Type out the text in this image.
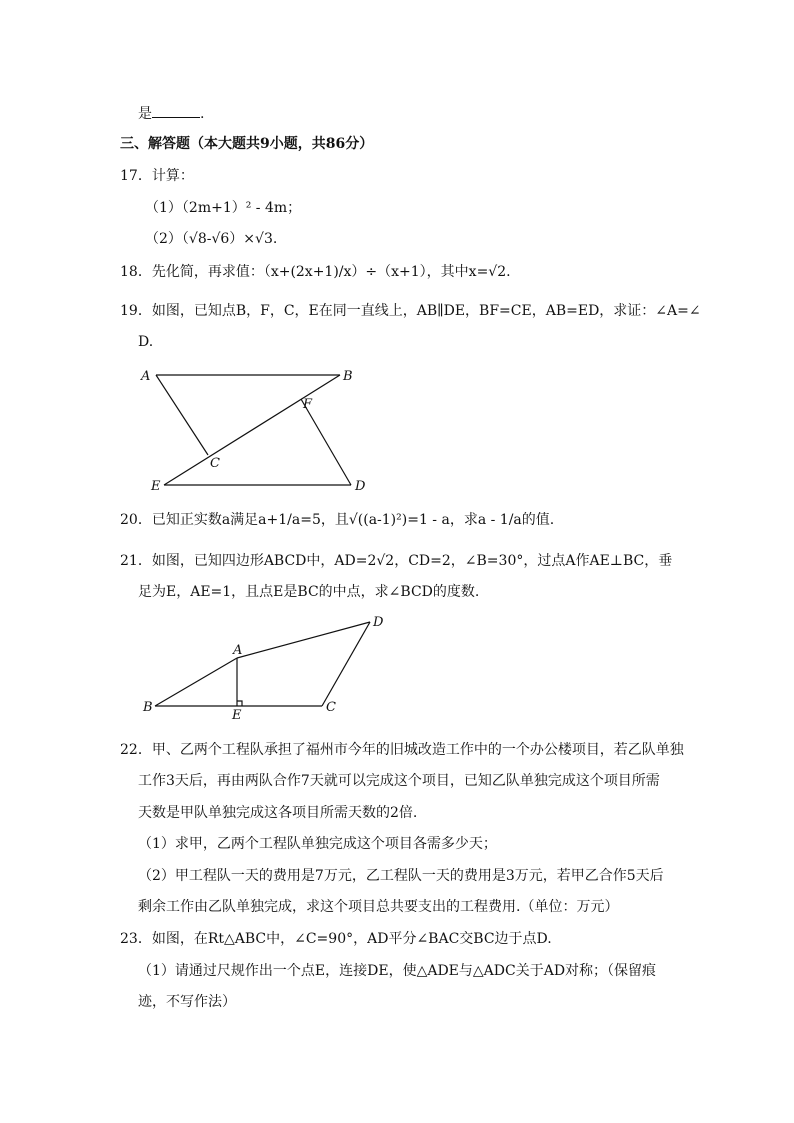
是	.
三、解答题（本大题共9小题，共86分）
17．计算：
（1）（2m+1）² - 4m；
（2）（√8-√6）×√3.
18．先化简，再求值：（x+(2x+1)/x）÷（x+1），其中x=√2.
19．如图，已知点B，F，C，E在同一直线上，AB∥DE，BF=CE，AB=ED，求证：∠A=∠
D.
A	B
F
C
E	D
20．已知正实数a满足a+1/a=5，且√((a-1)²)=1 - a，求a - 1/a的值.
21．如图，已知四边形ABCD中，AD=2√2，CD=2，∠B=30°，过点A作AE⊥BC，垂
足为E，AE=1，且点E是BC的中点，求∠BCD的度数.
B
A
D
C
E
22．甲、乙两个工程队承担了福州市今年的旧城改造工作中的一个办公楼项目，若乙队单独
工作3天后，再由两队合作7天就可以完成这个项目，已知乙队单独完成这个项目所需
天数是甲队单独完成这各项目所需天数的2倍.
（1）求甲，乙两个工程队单独完成这个项目各需多少天；
（2）甲工程队一天的费用是7万元，乙工程队一天的费用是3万元，若甲乙合作5天后
剩余工作由乙队单独完成，求这个项目总共要支出的工程费用.（单位：万元）
23．如图，在Rt△ABC中，∠C=90°，AD平分∠BAC交BC边于点D.
（1）请通过尺规作出一个点E，连接DE，使△ADE与△ADC关于AD对称；（保留痕
迹，不写作法）
